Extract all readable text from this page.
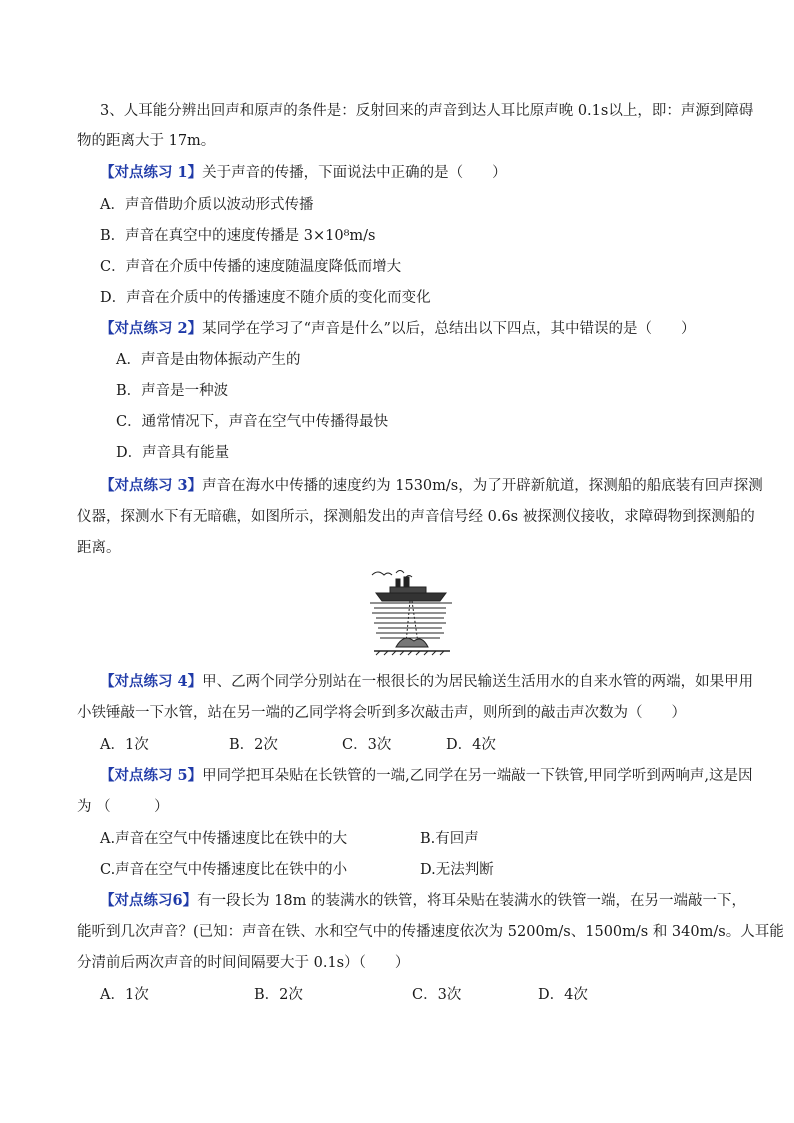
3、人耳能分辨出回声和原声的条件是：反射回来的声音到达人耳比原声晚 0.1s以上，即：声源到障碍
物的距离大于 17m。
【对点练习 1】关于声音的传播，下面说法中正确的是（　　）
A．声音借助介质以波动形式传播
B．声音在真空中的速度传播是 3×10⁸m/s
C．声音在介质中传播的速度随温度降低而增大
D．声音在介质中的传播速度不随介质的变化而变化
【对点练习 2】某同学在学习了“声音是什么”以后，总结出以下四点，其中错误的是（　　）
A．声音是由物体振动产生的
B．声音是一种波
C．通常情况下，声音在空气中传播得最快
D．声音具有能量
【对点练习 3】声音在海水中传播的速度约为 1530m/s，为了开辟新航道，探测船的船底装有回声探测
仪器，探测水下有无暗礁，如图所示，探测船发出的声音信号经 0.6s 被探测仪接收，求障碍物到探测船的
距离。
【对点练习 4】甲、乙两个同学分别站在一根很长的为居民输送生活用水的自来水管的两端，如果甲用
小铁锤敲一下水管，站在另一端的乙同学将会听到多次敲击声，则所到的敲击声次数为（　　）
A．1次	B．2次	C．3次	D．4次
【对点练习 5】甲同学把耳朵贴在长铁管的一端,乙同学在另一端敲一下铁管,甲同学听到两响声,这是因
为 （　　　）
A.声音在空气中传播速度比在铁中的大	B.有回声
C.声音在空气中传播速度比在铁中的小	D.无法判断
【对点练习6】有一段长为 18m 的装满水的铁管，将耳朵贴在装满水的铁管一端，在另一端敲一下，
能听到几次声音？(已知：声音在铁、水和空气中的传播速度依次为 5200m/s、1500m/s 和 340m/s。人耳能
分清前后两次声音的时间间隔要大于 0.1s）（　　）
A．1次	B．2次	C．3次	D．4次
